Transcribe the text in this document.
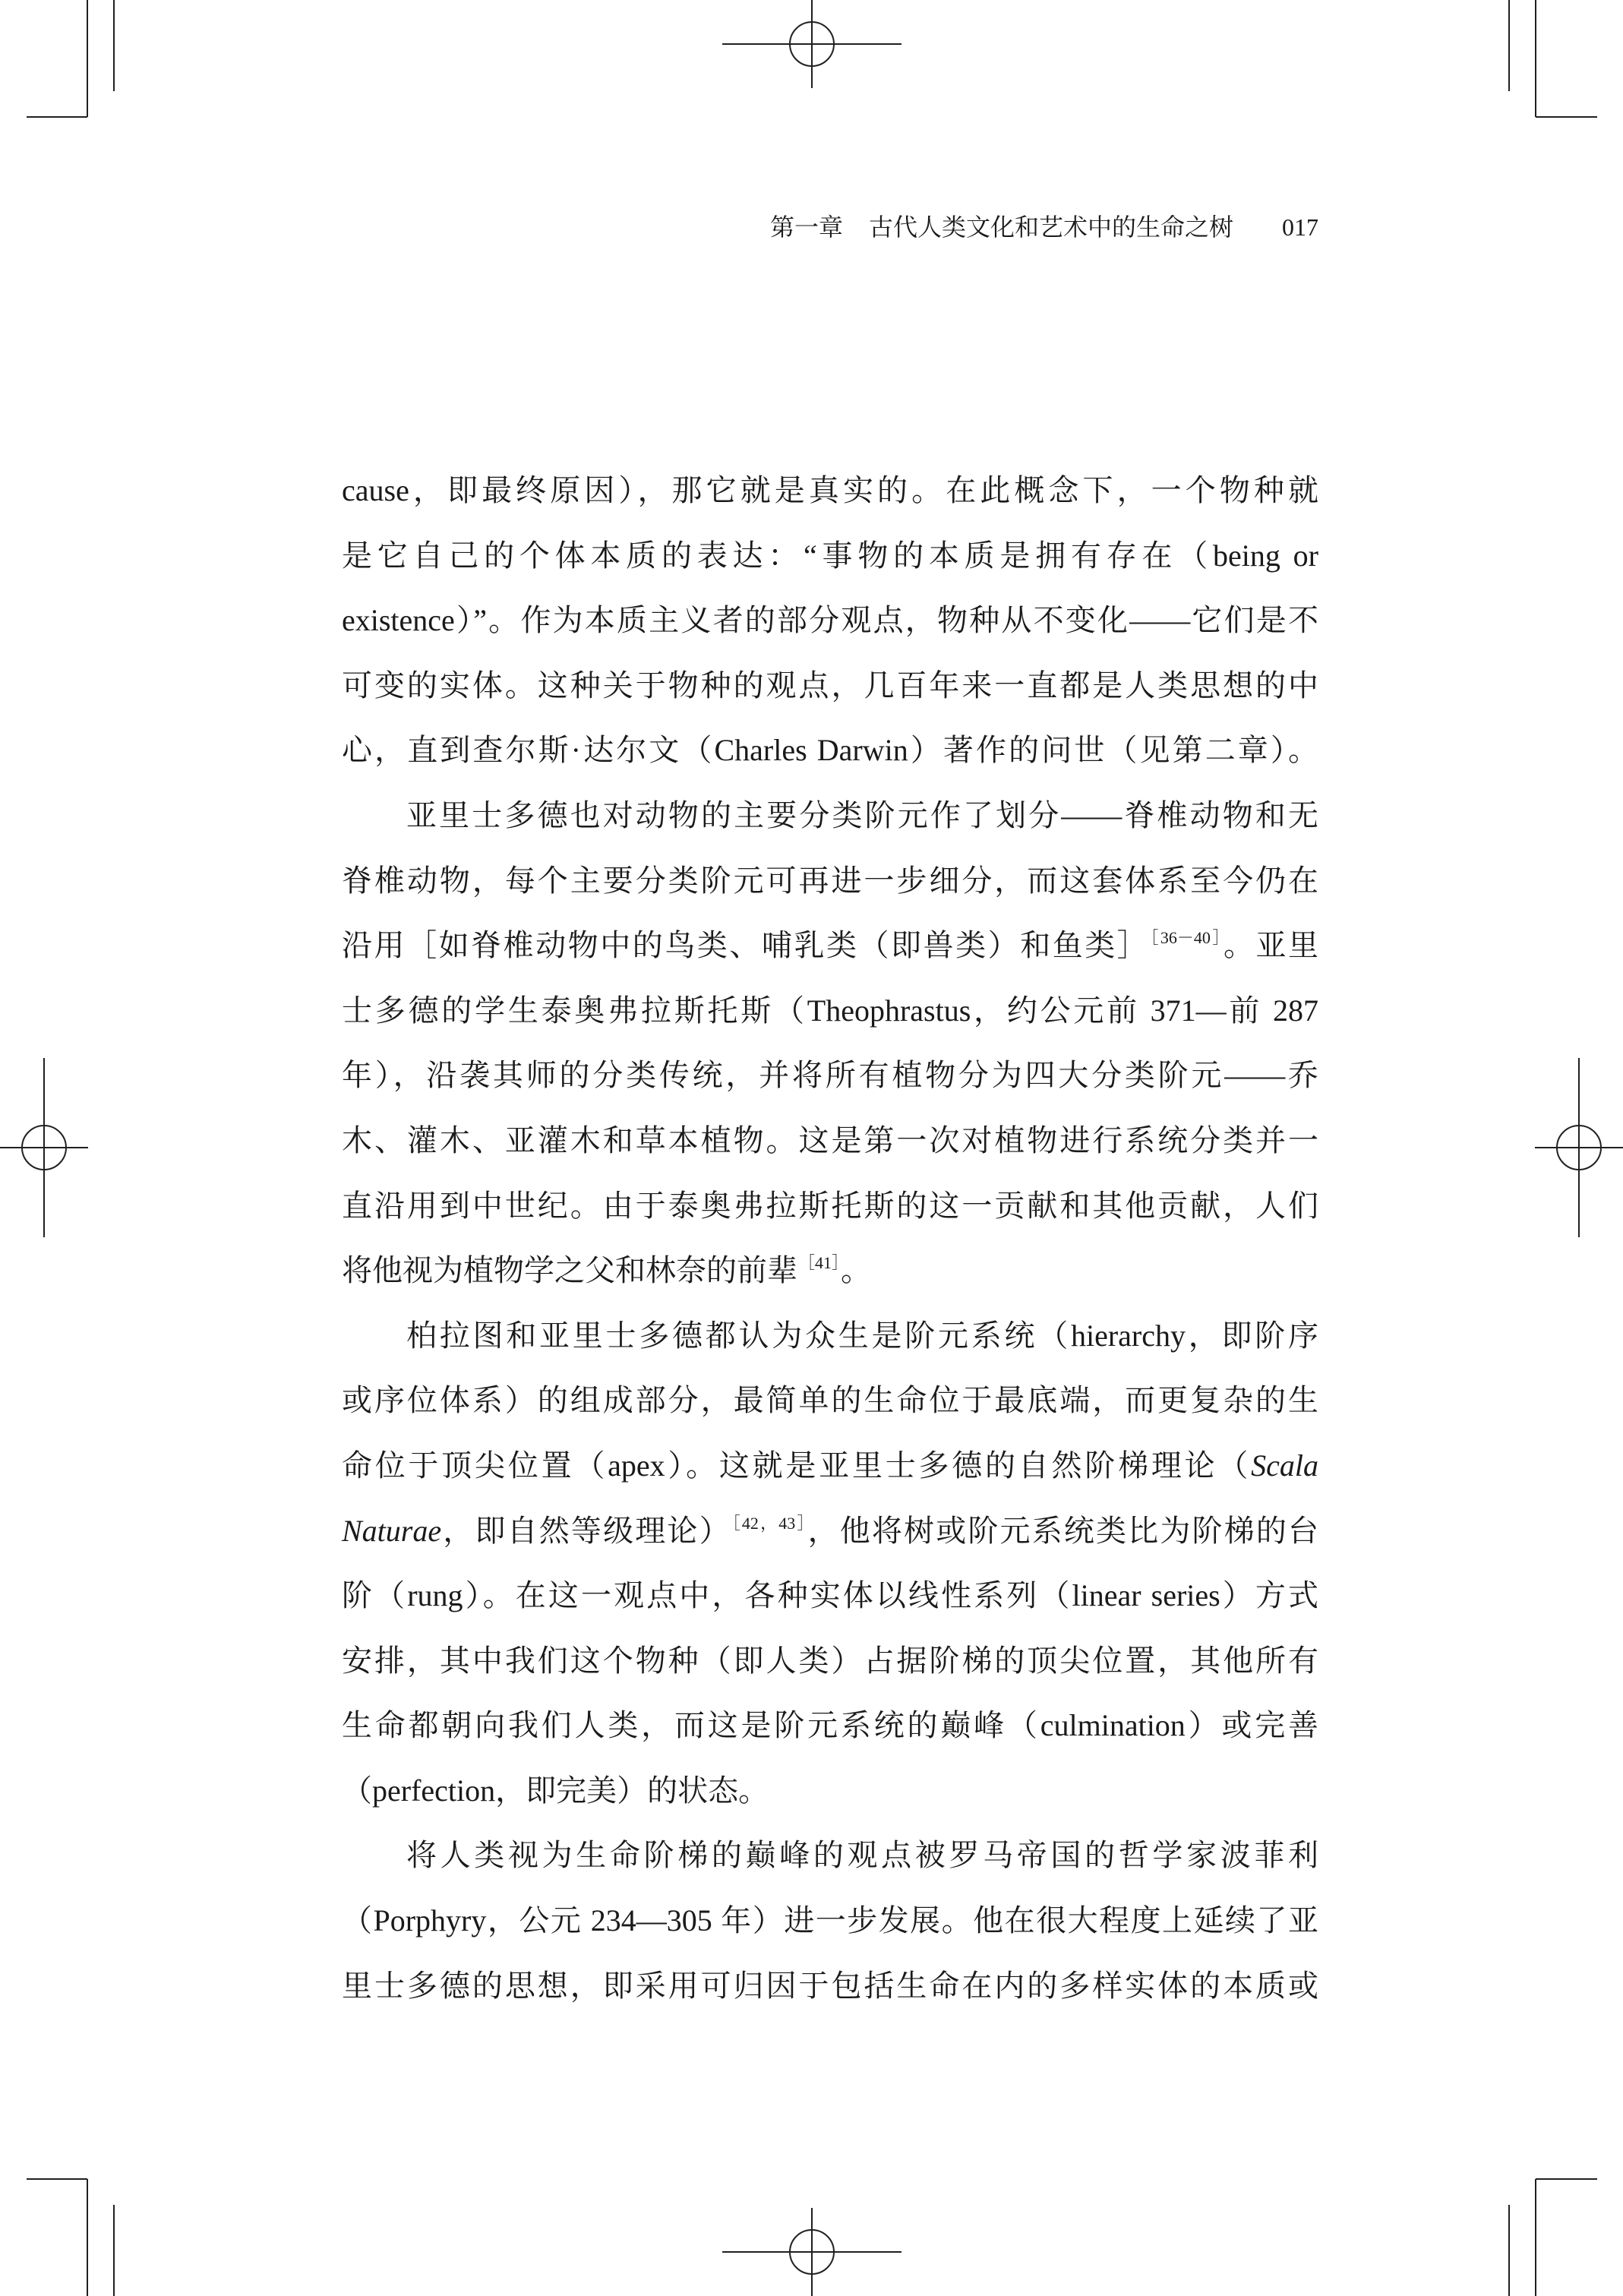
第一章 古代人类文化和艺术中的生命之树 017
cause，即最终原因），那它就是真实的。在此概念下，一个物种就
是它自己的个体本质的表达：“事物的本质是拥有存在（being or
existence）”。作为本质主义者的部分观点，物种从不变化——它们是不
可变的实体。这种关于物种的观点，几百年来一直都是人类思想的中
心，直到查尔斯·达尔文（Charles Darwin）著作的问世（见第二章）。
亚里士多德也对动物的主要分类阶元作了划分——脊椎动物和无
脊椎动物，每个主要分类阶元可再进一步细分，而这套体系至今仍在
沿用［如脊椎动物中的鸟类、哺乳类（即兽类）和鱼类］$^{[36-40]}$。亚里
士多德的学生泰奥弗拉斯托斯（Theophrastus，约公元前 371—前 287
年），沿袭其师的分类传统，并将所有植物分为四大分类阶元——乔
木、灌木、亚灌木和草本植物。这是第一次对植物进行系统分类并一
直沿用到中世纪。由于泰奥弗拉斯托斯的这一贡献和其他贡献，人们
将他视为植物学之父和林奈的前辈$^{[41]}$。
柏拉图和亚里士多德都认为众生是阶元系统（hierarchy，即阶序
或序位体系）的组成部分，最简单的生命位于最底端，而更复杂的生
命位于顶尖位置（apex）。这就是亚里士多德的自然阶梯理论（Scala
Naturae，即自然等级理论）$^{[42,43]}$，他将树或阶元系统类比为阶梯的台
阶（rung）。在这一观点中，各种实体以线性系列（linear series）方式
安排，其中我们这个物种（即人类）占据阶梯的顶尖位置，其他所有
生命都朝向我们人类，而这是阶元系统的巅峰（culmination）或完善
（perfection，即完美）的状态。
将人类视为生命阶梯的巅峰的观点被罗马帝国的哲学家波菲利
（Porphyry，公元 234—305 年）进一步发展。他在很大程度上延续了亚
里士多德的思想，即采用可归因于包括生命在内的多样实体的本质或
